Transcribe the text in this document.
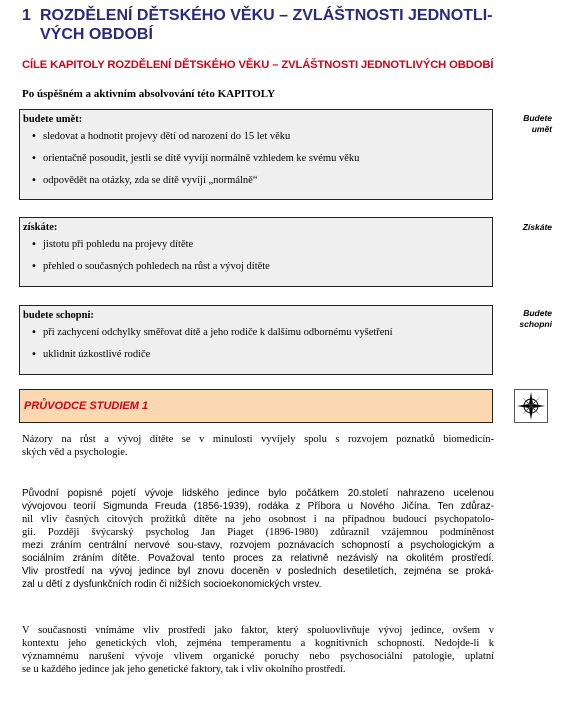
1 ROZDĚLENÍ DĚTSKÉHO VĚKU – ZVLÁŠTNOSTI JEDNOTLI-
VÝCH OBDOBÍ

CÍLE KAPITOLY ROZDĚLENÍ DĚTSKÉHO VĚKU – ZVLÁŠTNOSTI JEDNOTLIVÝCH OBDOBÍ

Po úspěšném a aktivním absolvování této KAPITOLY

budete umět:

• sledovat a hodnotit projevy dětí od narození do 15 let věku
• orientačně posoudit, jestli se dítě vyvíjí normálně vzhledem ke svému věku
• odpovědět na otázky, zda se dítě vyvíjí „normálně“
Budete
umět

získáte:

• jistotu při pohledu na projevy dítěte
• přehled o současných pohledech na růst a vývoj dítěte
Získáte

budete schopni:

• při zachycení odchylky směřovat dítě a jeho rodiče k dalšímu odbornému vyšetření
• uklidnit úzkostlivé rodiče
Budete
schopni
PRŮVODCE STUDIEM 1

Názory na růst a vývoj dítěte se v minulosti vyvíjely spolu s rozvojem poznatků biomedicín-
ských věd a psychologie.

Původní popisné pojetí vývoje lidského jedince bylo počátkem 20.století nahrazeno ucelenou
vývojovou teorií Sigmunda Freuda (1856-1939), rodáka z Příbora u Nového Jičína. Ten zdůraz-
nil vliv časných citových prožitků dítěte na jeho osobnost i na případnou budoucí psychopatolo-
gii. Později švýcarský psycholog Jan Piaget (1896-1980) zdůraznil vzájemnou podmíněnost
mezi zráním centrální nervové sou-stavy, rozvojem poznávacích schopností a psychologickým a
sociálním zráním dítěte. Považoval tento proces za relativně nezávislý na okolitém prostředí.
Vliv prostředí na vývoj jedince byl znovu doceněn v posledních desetiletích, zejména se proká-
zal u dětí z dysfunkčních rodin či nižších socioekonomických vrstev.

V současnosti vnímáme vliv prostředí jako faktor, který spoluovlivňuje vývoj jedince, ovšem v
kontextu jeho genetických vloh, zejména temperamentu a kognitivních schopností. Nedojde-li k
významnému narušení vývoje vlivem organické poruchy nebo psychosociální patologie, uplatní
se u každého jedince jak jeho genetické faktory, tak i vliv okolního prostředí.
